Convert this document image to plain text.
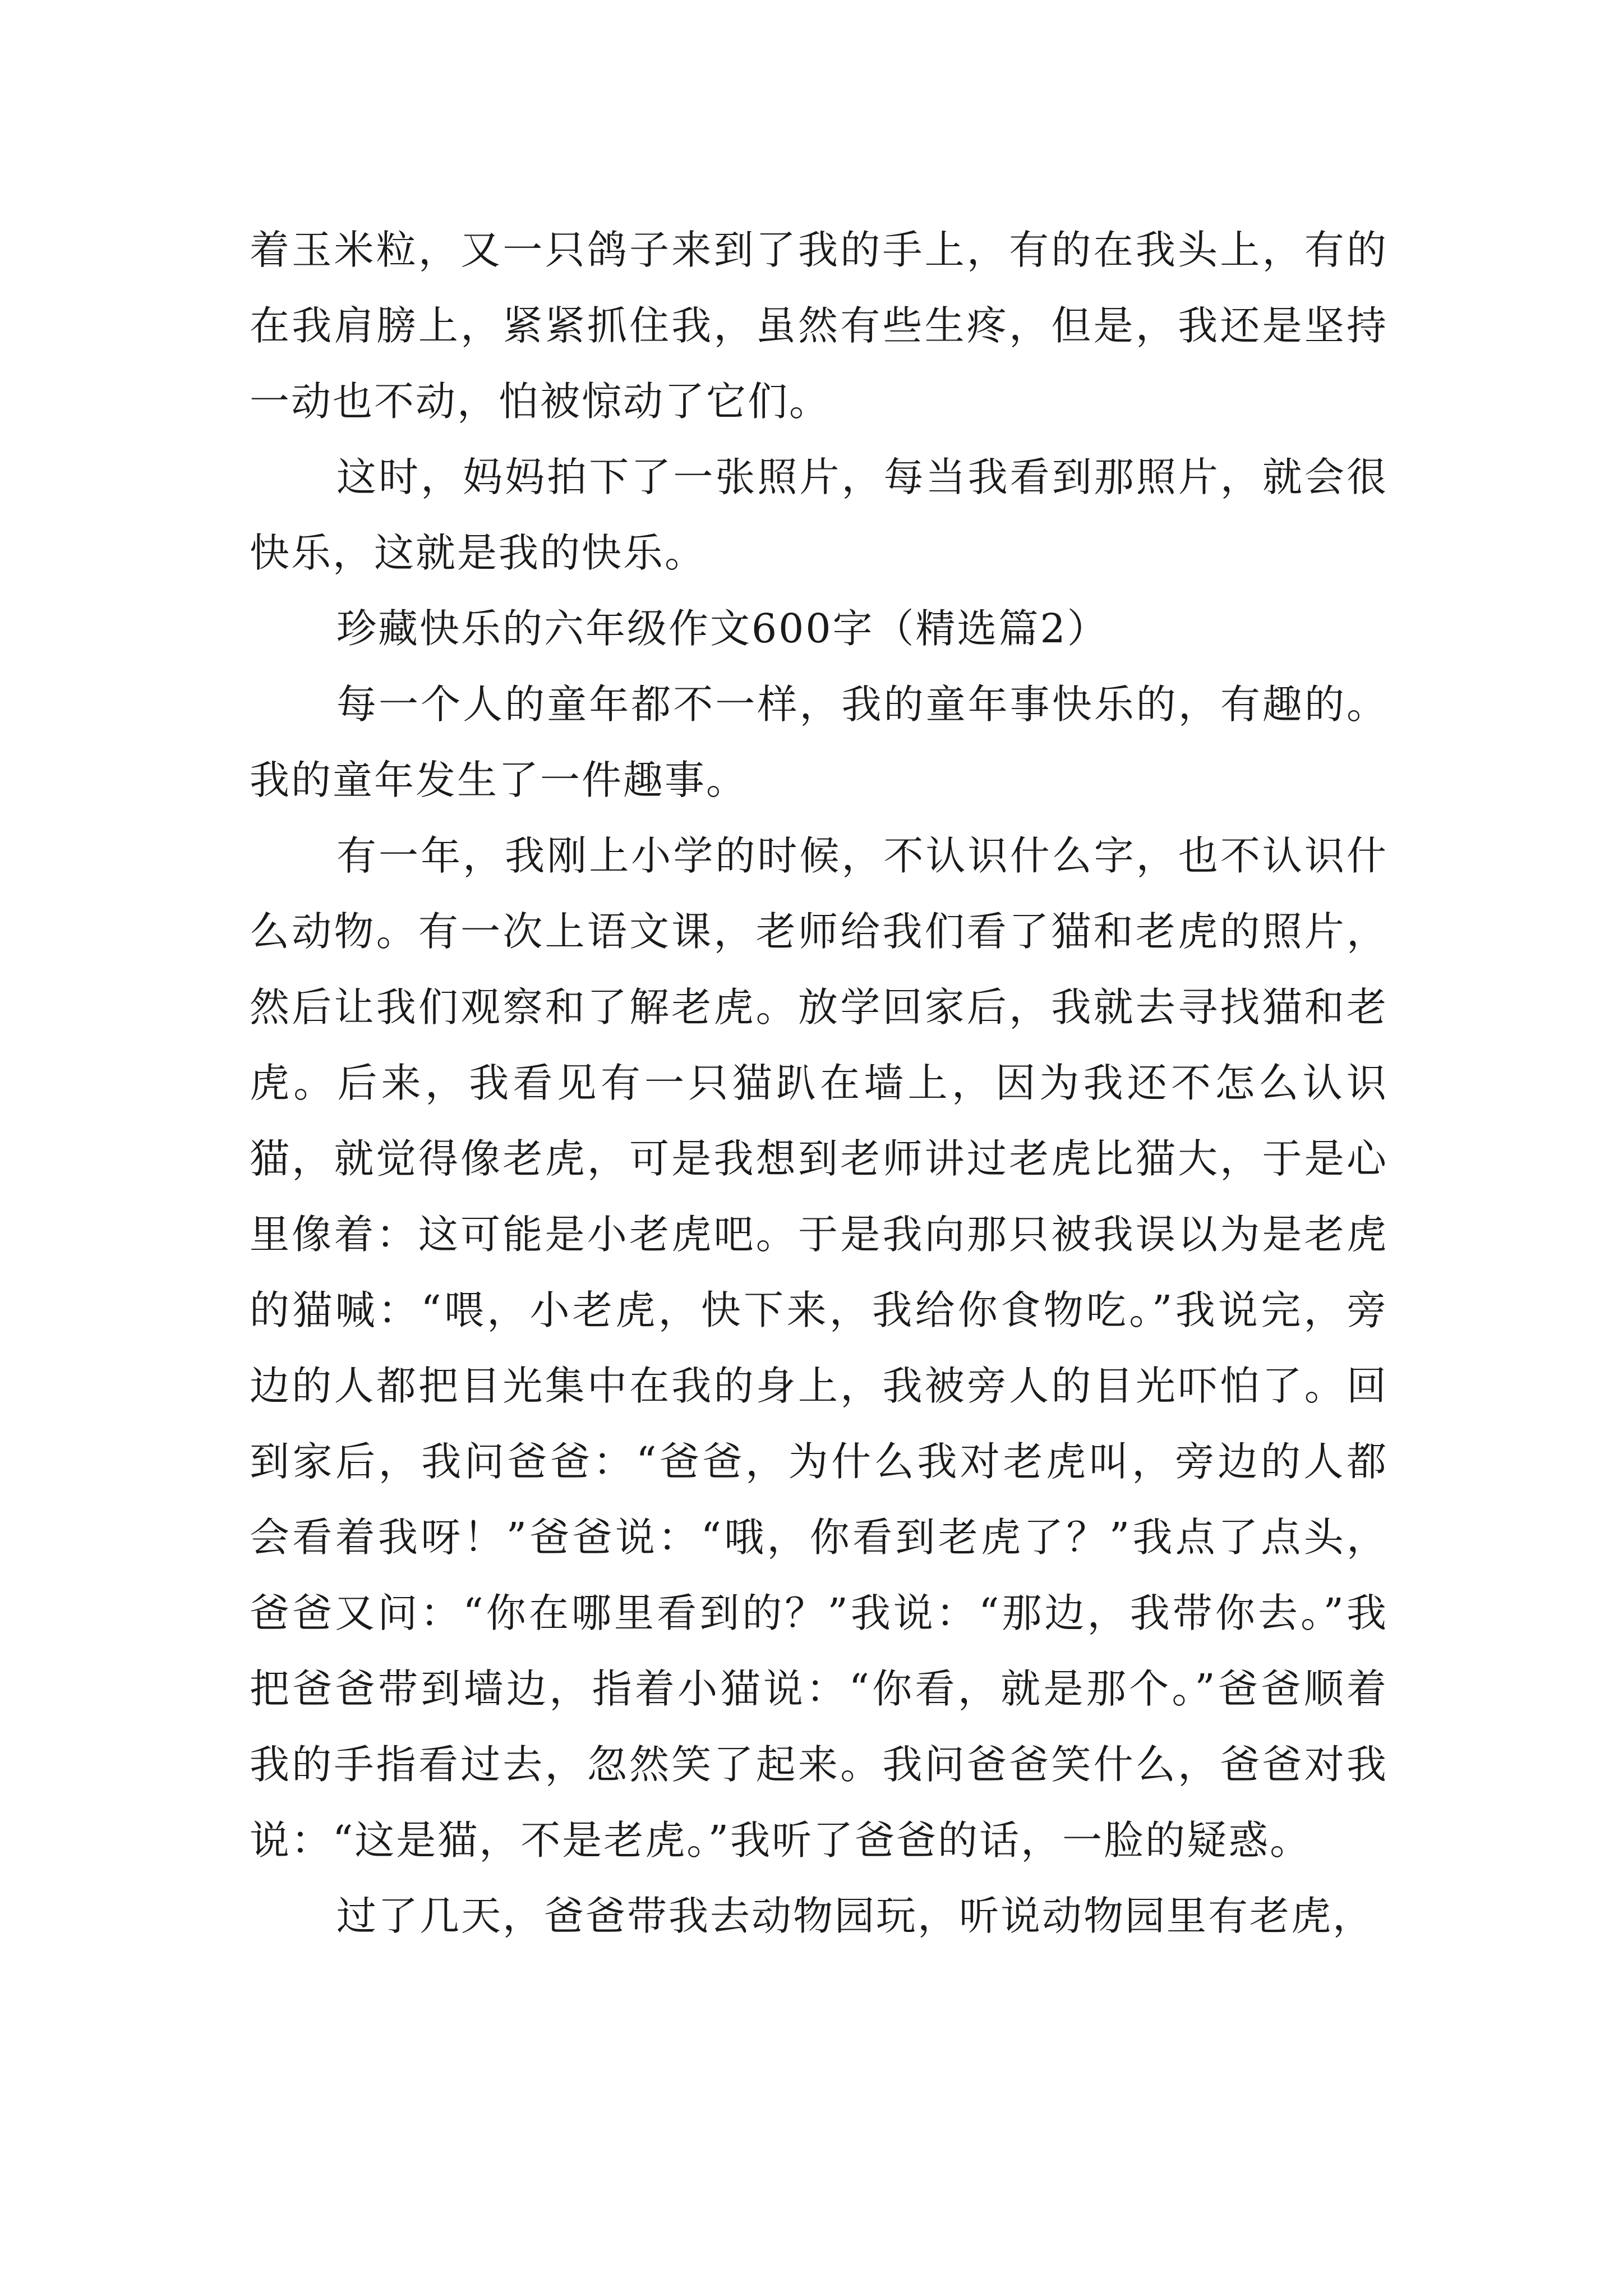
着玉米粒，又一只鸽子来到了我的手上，有的在我头上，有的在我肩膀上，紧紧抓住我，虽然有些生疼，但是，我还是坚持一动也不动，怕被惊动了它们。

这时，妈妈拍下了一张照片，每当我看到那照片，就会很快乐，这就是我的快乐。

珍藏快乐的六年级作文600字（精选篇2）

每一个人的童年都不一样，我的童年事快乐的，有趣的。我的童年发生了一件趣事。

有一年，我刚上小学的时候，不认识什么字，也不认识什么动物。有一次上语文课，老师给我们看了猫和老虎的照片，然后让我们观察和了解老虎。放学回家后，我就去寻找猫和老虎。后来，我看见有一只猫趴在墙上，因为我还不怎么认识猫，就觉得像老虎，可是我想到老师讲过老虎比猫大，于是心里像着：这可能是小老虎吧。于是我向那只被我误以为是老虎的猫喊：“喂，小老虎，快下来，我给你食物吃。”我说完，旁边的人都把目光集中在我的身上，我被旁人的目光吓怕了。回到家后，我问爸爸：“爸爸，为什么我对老虎叫，旁边的人都会看着我呀！”爸爸说：“哦，你看到老虎了？”我点了点头，爸爸又问：“你在哪里看到的？”我说：“那边，我带你去。”我把爸爸带到墙边，指着小猫说：“你看，就是那个。”爸爸顺着我的手指看过去，忽然笑了起来。我问爸爸笑什么，爸爸对我说：“这是猫，不是老虎。”我听了爸爸的话，一脸的疑惑。

过了几天，爸爸带我去动物园玩，听说动物园里有老虎，
